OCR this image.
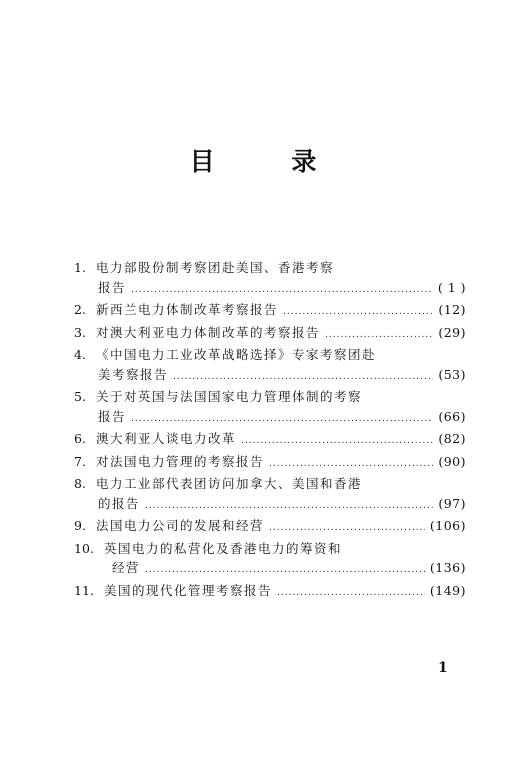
目 录
1. 电力部股份制考察团赴美国、香港考察
报告 .....	( 1 )
2. 新西兰电力体制改革考察报告 .....	(12)
3. 对澳大利亚电力体制改革的考察报告 .....	(29)
4. 《中国电力工业改革战略选择》专家考察团赴
美考察报告 .....	(53)
5. 关于对英国与法国国家电力管理体制的考察
报告 .....	(66)
6. 澳大利亚人谈电力改革 .....	(82)
7. 对法国电力管理的考察报告 .....	(90)
8. 电力工业部代表团访问加拿大、美国和香港
的报告 .....	(97)
9. 法国电力公司的发展和经营 .....	(106)
10. 英国电力的私营化及香港电力的筹资和
经营 .....	(136)
11. 美国的现代化管理考察报告 .....	(149)
1
